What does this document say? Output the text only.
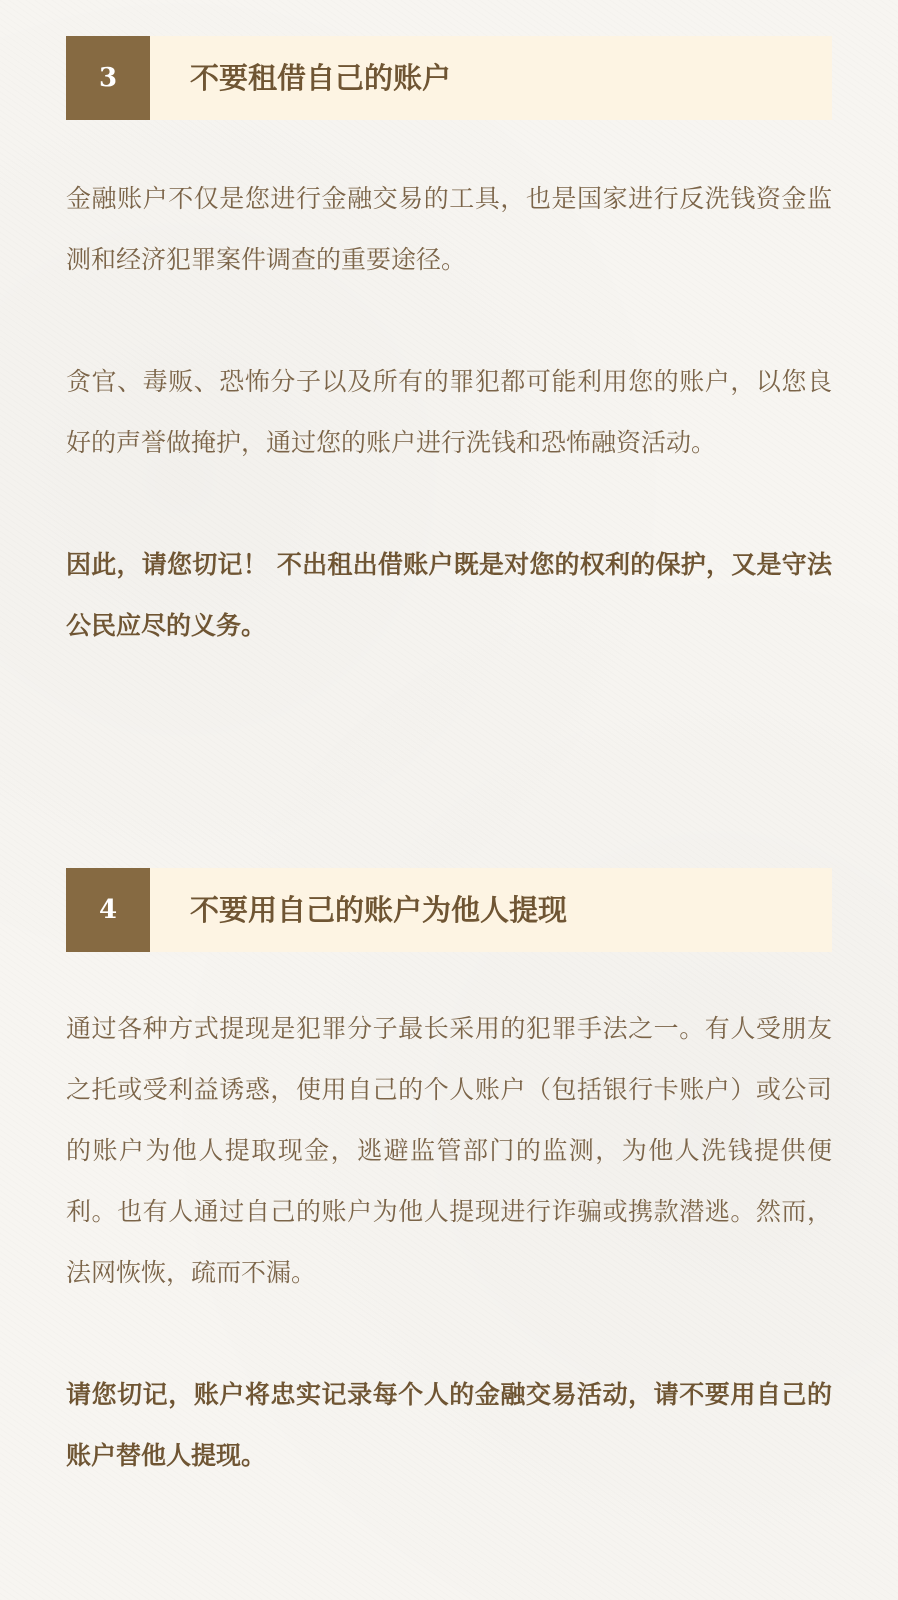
3	不要租借自己的账户

金融账户不仅是您进行金融交易的工具，也是国家进行反洗钱资金监测和经济犯罪案件调查的重要途径。

贪官、毒贩、恐怖分子以及所有的罪犯都可能利用您的账户，以您良好的声誉做掩护，通过您的账户进行洗钱和恐怖融资活动。

因此，请您切记！ 不出租出借账户既是对您的权利的保护，又是守法公民应尽的义务。

4	不要用自己的账户为他人提现

通过各种方式提现是犯罪分子最长采用的犯罪手法之一。有人受朋友之托或受利益诱惑，使用自己的个人账户（包括银行卡账户）或公司的账户为他人提取现金，逃避监管部门的监测，为他人洗钱提供便利。也有人通过自己的账户为他人提现进行诈骗或携款潜逃。然而，法网恢恢，疏而不漏。

请您切记，账户将忠实记录每个人的金融交易活动，请不要用自己的账户替他人提现。
